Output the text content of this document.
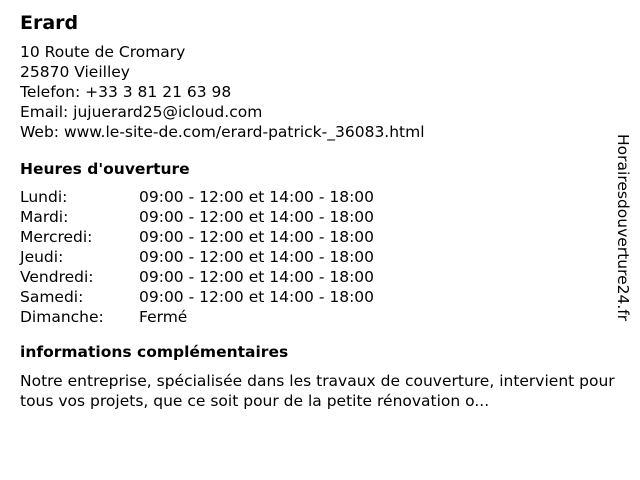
Erard
10 Route de Cromary
25870 Vieilley
Telefon: +33 3 81 21 63 98
Email: jujuerard25@icloud.com
Web: www.le-site-de.com/erard-patrick-_36083.html
Heures d'ouverture
Lundi:	09:00 - 12:00 et 14:00 - 18:00
Mardi:	09:00 - 12:00 et 14:00 - 18:00
Mercredi:	09:00 - 12:00 et 14:00 - 18:00
Jeudi:	09:00 - 12:00 et 14:00 - 18:00
Vendredi:	09:00 - 12:00 et 14:00 - 18:00
Samedi:	09:00 - 12:00 et 14:00 - 18:00
Dimanche:	Fermé
informations complémentaires
Notre entreprise, spécialisée dans les travaux de couverture, intervient pour tous vos projets, que ce soit pour de la petite rénovation o...
Horairesdouverture24.fr
